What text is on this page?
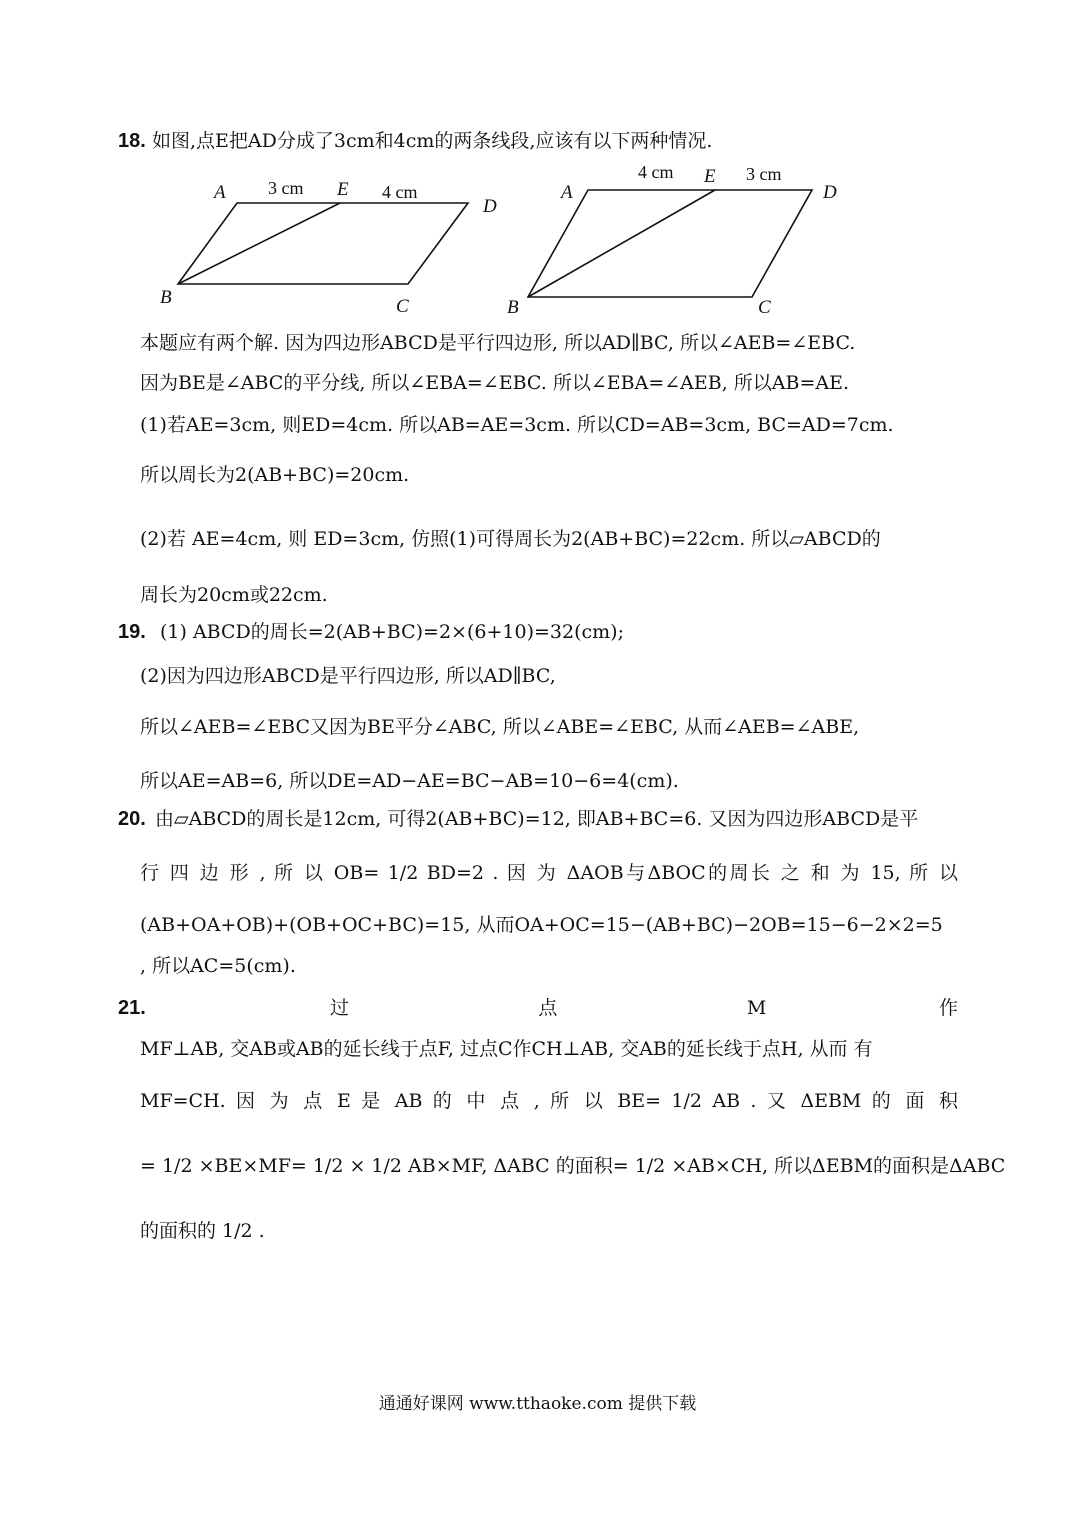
18. 如图,点E把AD分成了3cm和4cm的两条线段,应该有以下两种情况.
A	E
D
B	C
3 cm	4 cm	A
E
D
B	C
4 cm	3 cm
本题应有两个解. 因为四边形ABCD是平行四边形, 所以AD∥BC, 所以∠AEB=∠EBC.
因为BE是∠ABC的平分线, 所以∠EBA=∠EBC. 所以∠EBA=∠AEB, 所以AB=AE.
(1)若AE=3cm, 则ED=4cm. 所以AB=AE=3cm. 所以CD=AB=3cm, BC=AD=7cm.
所以周长为2(AB+BC)=20cm.
(2)若 AE=4cm, 则 ED=3cm, 仿照(1)可得周长为2(AB+BC)=22cm. 所以▱ABCD的
周长为20cm或22cm.
19. (1) ABCD的周长=2(AB+BC)=2×(6+10)=32(cm);
(2)因为四边形ABCD是平行四边形, 所以AD∥BC,
所以∠AEB=∠EBC又因为BE平分∠ABC, 所以∠ABE=∠EBC, 从而∠AEB=∠ABE,
所以AE=AB=6, 所以DE=AD−AE=BC−AB=10−6=4(cm).
20. 由▱ABCD的周长是12cm, 可得2(AB+BC)=12, 即AB+BC=6. 又因为四边形ABCD是平
行 四 边 形 , 所 以 OB= 1/2 BD=2 . 因 为 ΔAOB与ΔBOC的周长 之 和 为 15, 所 以
(AB+OA+OB)+(OB+OC+BC)=15, 从而OA+OC=15−(AB+BC)−2OB=15−6−2×2=5
, 所以AC=5(cm).
21.	过 点 M 作
MF⊥AB, 交AB或AB的延长线于点F, 过点C作CH⊥AB, 交AB的延长线于点H, 从而 有
MF=CH. 因 为 点 E 是 AB 的 中 点 , 所 以 BE= 1/2 AB . 又 ΔEBM 的 面 积
= 1/2 ×BE×MF= 1/2 × 1/2 AB×MF, ΔABC 的面积= 1/2 ×AB×CH, 所以ΔEBM的面积是ΔABC
的面积的 1/2 .
通通好课网 www.tthaoke.com 提供下载
